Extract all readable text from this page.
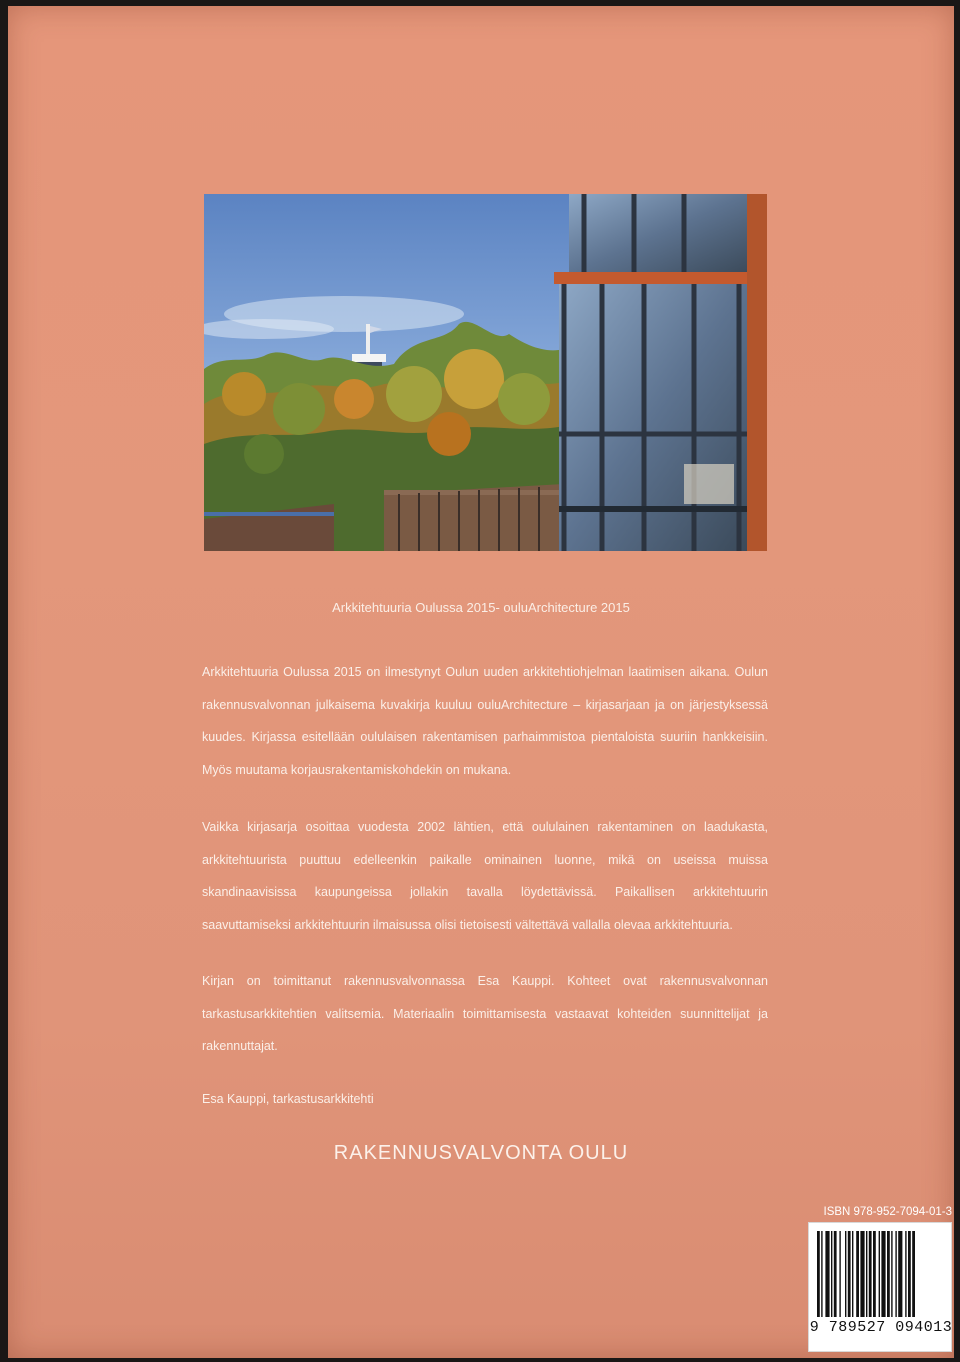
Arkkitehtuuria Oulussa 2015- ouluArchitecture 2015

Arkkitehtuuria Oulussa 2015 on ilmestynyt Oulun uuden arkkitehtiohjelman laatimisen aikana. Oulun rakennusvalvonnan julkaisema kuvakirja kuuluu ouluArchitecture – kirjasarjaan ja on järjestyksessä kuudes. Kirjassa esitellään oululaisen rakentamisen parhaimmistoa pientaloista suuriin hankkeisiin. Myös muutama korjausrakentamiskohdekin on mukana.

Vaikka kirjasarja osoittaa vuodesta 2002 lähtien, että oululainen rakentaminen on laadukasta, arkkitehtuurista puuttuu edelleenkin paikalle ominainen luonne, mikä on useissa muissa skandinaavisissa kaupungeissa jollakin tavalla löydettävissä. Paikallisen arkkitehtuurin saavuttamiseksi arkkitehtuurin ilmaisussa olisi tietoisesti vältettävä vallalla olevaa arkkitehtuuria.

Kirjan on toimittanut rakennusvalvonnassa Esa Kauppi. Kohteet ovat rakennusvalvonnan tarkastusarkkitehtien valitsemia. Materiaalin toimittamisesta vastaavat kohteiden suunnittelijat ja rakennuttajat.

Esa Kauppi, tarkastusarkkitehti
RAKENNUSVALVONTA OULU
ISBN 978-952-7094-01-3
9 789527 094013
